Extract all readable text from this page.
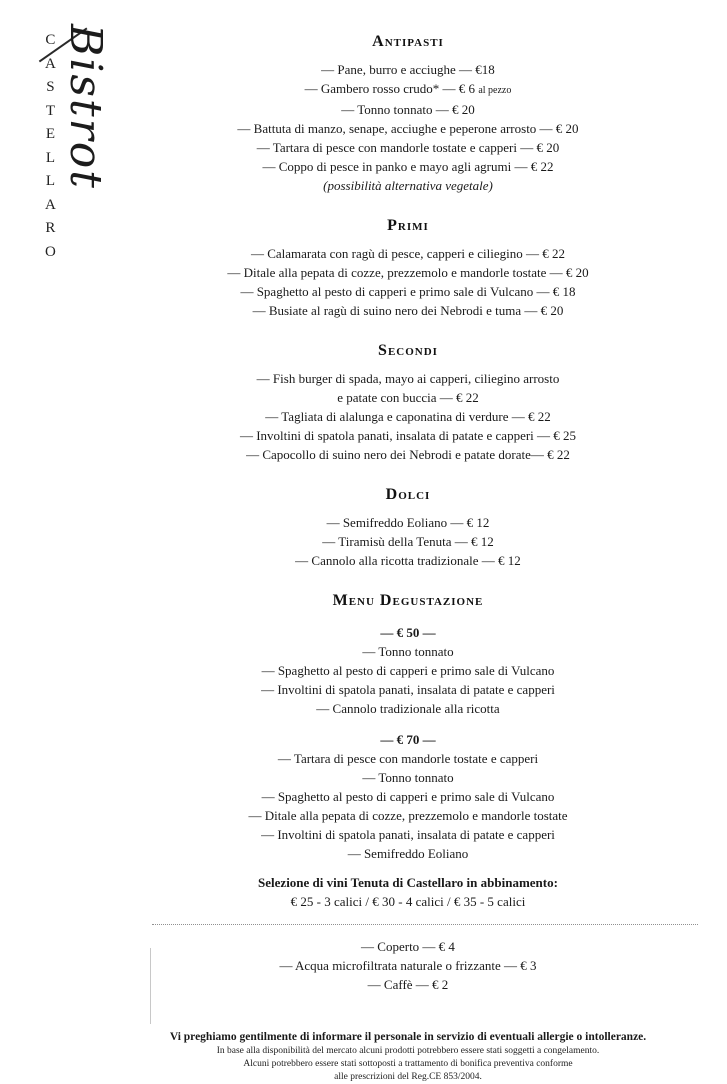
C
A
S
T
E
L
L
A
R
O
Bistrot	Antipasti
— Pane, burro e acciughe — €18
— Gambero rosso crudo* — € 6 al pezzo
— Tonno tonnato — € 20
— Battuta di manzo, senape, acciughe e peperone arrosto — € 20
— Tartara di pesce con mandorle tostate e capperi — € 20
— Coppo di pesce in panko e mayo agli agrumi — € 22
(possibilità alternativa vegetale)
Primi
— Calamarata con ragù di pesce, capperi e ciliegino — € 22
— Ditale alla pepata di cozze, prezzemolo e mandorle tostate — € 20
— Spaghetto al pesto di capperi e primo sale di Vulcano — € 18
— Busiate al ragù di suino nero dei Nebrodi e tuma — € 20
Secondi
— Fish burger di spada, mayo ai capperi, ciliegino arrosto
e patate con buccia — € 22
— Tagliata di alalunga e caponatina di verdure — € 22
— Involtini di spatola panati, insalata di patate e capperi — € 25
— Capocollo di suino nero dei Nebrodi e patate dorate— € 22
Dolci
— Semifreddo Eoliano — € 12
— Tiramisù della Tenuta — € 12
— Cannolo alla ricotta tradizionale — € 12
Menu Degustazione
— € 50 —
— Tonno tonnato
— Spaghetto al pesto di capperi e primo sale di Vulcano
— Involtini di spatola panati, insalata di patate e capperi
— Cannolo tradizionale alla ricotta
— € 70 —
— Tartara di pesce con mandorle tostate e capperi
— Tonno tonnato
— Spaghetto al pesto di capperi e primo sale di Vulcano
— Ditale alla pepata di cozze, prezzemolo e mandorle tostate
— Involtini di spatola panati, insalata di patate e capperi
— Semifreddo Eoliano
Selezione di vini Tenuta di Castellaro in abbinamento:
€ 25 - 3 calici / € 30 - 4 calici / € 35 - 5 calici
— Coperto — € 4
— Acqua microfiltrata naturale o frizzante — € 3
— Caffè — € 2
Vi preghiamo gentilmente di informare il personale in servizio di eventuali allergie o intolleranze.
In base alla disponibilità del mercato alcuni prodotti potrebbero essere stati soggetti a congelamento.
Alcuni potrebbero essere stati sottoposti a trattamento di bonifica preventiva conforme
alle prescrizioni del Reg.CE 853/2004.
